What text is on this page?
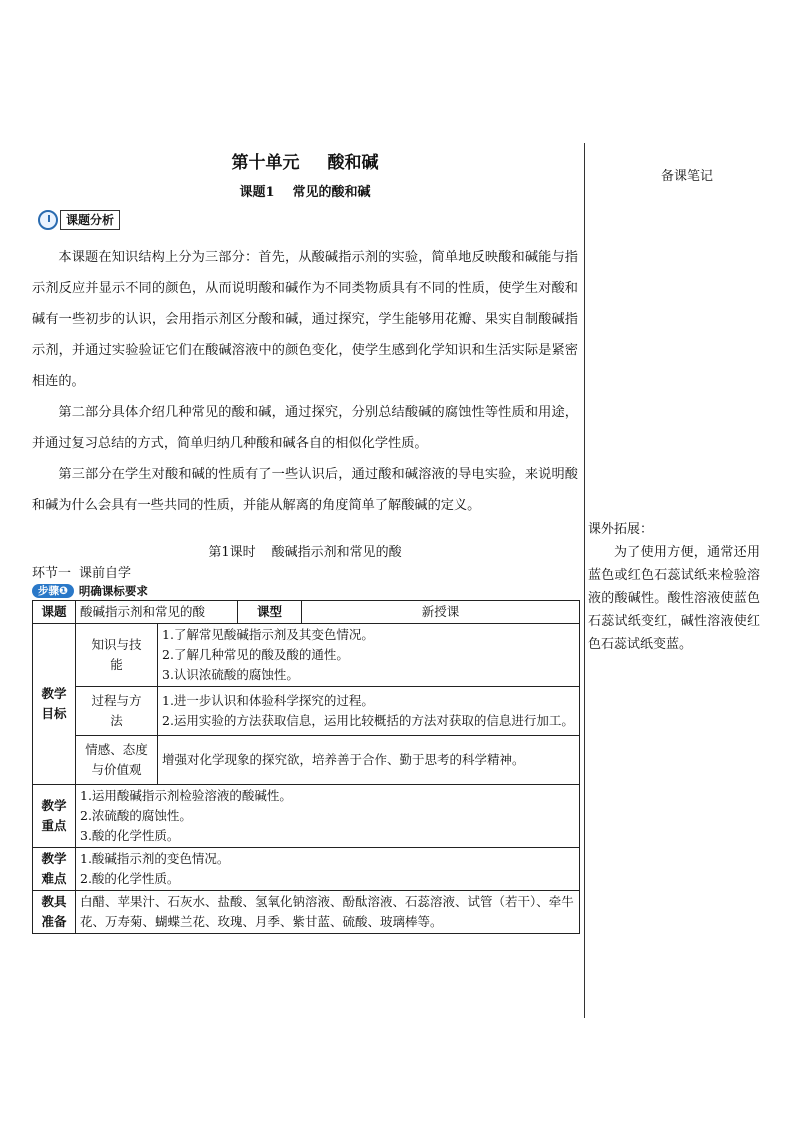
第十单元 酸和碱
课题1 常见的酸和碱
课题分析

本课题在知识结构上分为三部分：首先，从酸碱指示剂的实验，简单地反映酸和碱能与指示剂反应并显示不同的颜色，从而说明酸和碱作为不同类物质具有不同的性质，使学生对酸和碱有一些初步的认识，会用指示剂区分酸和碱，通过探究，学生能够用花瓣、果实自制酸碱指示剂，并通过实验验证它们在酸碱溶液中的颜色变化，使学生感到化学知识和生活实际是紧密相连的。

第二部分具体介绍几种常见的酸和碱，通过探究，分别总结酸碱的腐蚀性等性质和用途，并通过复习总结的方式，简单归纳几种酸和碱各自的相似化学性质。

第三部分在学生对酸和碱的性质有了一些认识后，通过酸和碱溶液的导电实验，来说明酸和碱为什么会具有一些共同的性质，并能从解离的角度简单了解酸碱的定义。

第1课时 酸碱指示剂和常见的酸
环节一 课前自学
步骤❶ 明确课标要求
课题	酸碱指示剂和常见的酸		课型	新授课
教学目标	知识与技能	1.了解常见酸碱指示剂及其变色情况。
2.了解几种常见的酸及酸的通性。
3.认识浓硫酸的腐蚀性。		

	过程与方法	1.进一步认识和体验科学探究的过程。
2.运用实验的方法获取信息，运用比较概括的方法对获取的信息进行加工。		

	情感、态度与价值观	增强对化学现象的探究欲，培养善于合作、勤于思考的科学精神。		

教学重点	1.运用酸碱指示剂检验溶液的酸碱性。
2.浓硫酸的腐蚀性。
3.酸的化学性质。			

教学难点	1.酸碱指示剂的变色情况。
2.酸的化学性质。			

教具准备	白醋、苹果汁、石灰水、盐酸、氢氧化钠溶液、酚酞溶液、石蕊溶液、试管（若干）、牵牛花、万寿菊、蝴蝶兰花、玫瑰、月季、紫甘蓝、硫酸、玻璃棒等。			
备课笔记
课外拓展：
为了使用方便，通常还用蓝色或红色石蕊试纸来检验溶液的酸碱性。酸性溶液使蓝色石蕊试纸变红，碱性溶液使红色石蕊试纸变蓝。
